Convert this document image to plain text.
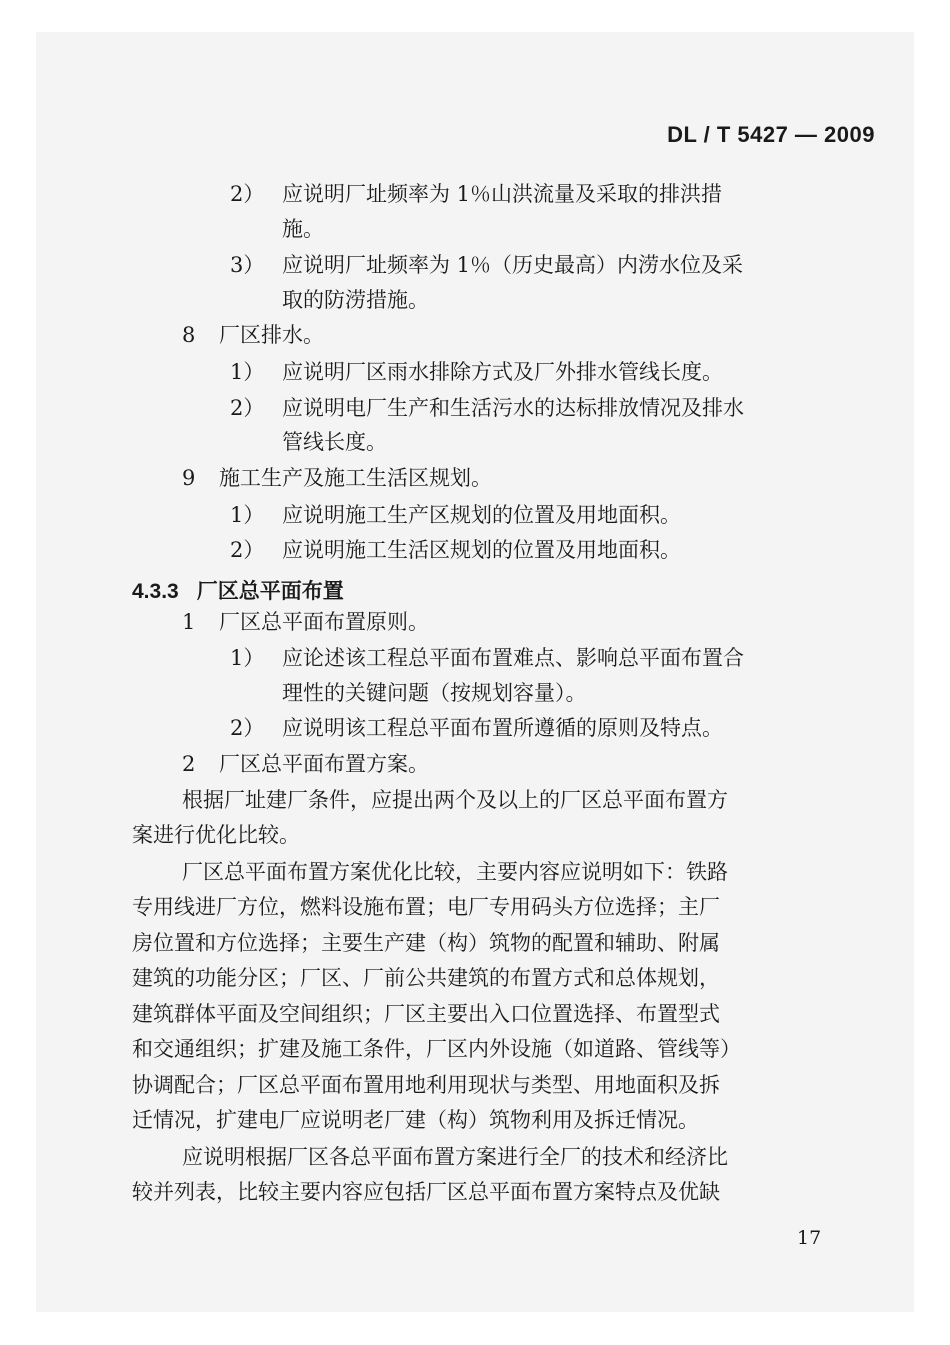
DL / T 5427 — 2009
2） 应说明厂址频率为 1％山洪流量及采取的排洪措
施。
3） 应说明厂址频率为 1％（历史最高）内涝水位及采
取的防涝措施。
8 厂区排水。
1） 应说明厂区雨水排除方式及厂外排水管线长度。
2） 应说明电厂生产和生活污水的达标排放情况及排水
管线长度。
9 施工生产及施工生活区规划。
1） 应说明施工生产区规划的位置及用地面积。
2） 应说明施工生活区规划的位置及用地面积。
4.3.3 厂区总平面布置
1 厂区总平面布置原则。
1） 应论述该工程总平面布置难点、影响总平面布置合
理性的关键问题（按规划容量）。
2） 应说明该工程总平面布置所遵循的原则及特点。
2 厂区总平面布置方案。
根据厂址建厂条件，应提出两个及以上的厂区总平面布置方
案进行优化比较。
厂区总平面布置方案优化比较，主要内容应说明如下：铁路
专用线进厂方位，燃料设施布置；电厂专用码头方位选择；主厂
房位置和方位选择；主要生产建（构）筑物的配置和辅助、附属
建筑的功能分区；厂区、厂前公共建筑的布置方式和总体规划，
建筑群体平面及空间组织；厂区主要出入口位置选择、布置型式
和交通组织；扩建及施工条件，厂区内外设施（如道路、管线等）
协调配合；厂区总平面布置用地利用现状与类型、用地面积及拆
迁情况，扩建电厂应说明老厂建（构）筑物利用及拆迁情况。
应说明根据厂区各总平面布置方案进行全厂的技术和经济比
较并列表，比较主要内容应包括厂区总平面布置方案特点及优缺
17
